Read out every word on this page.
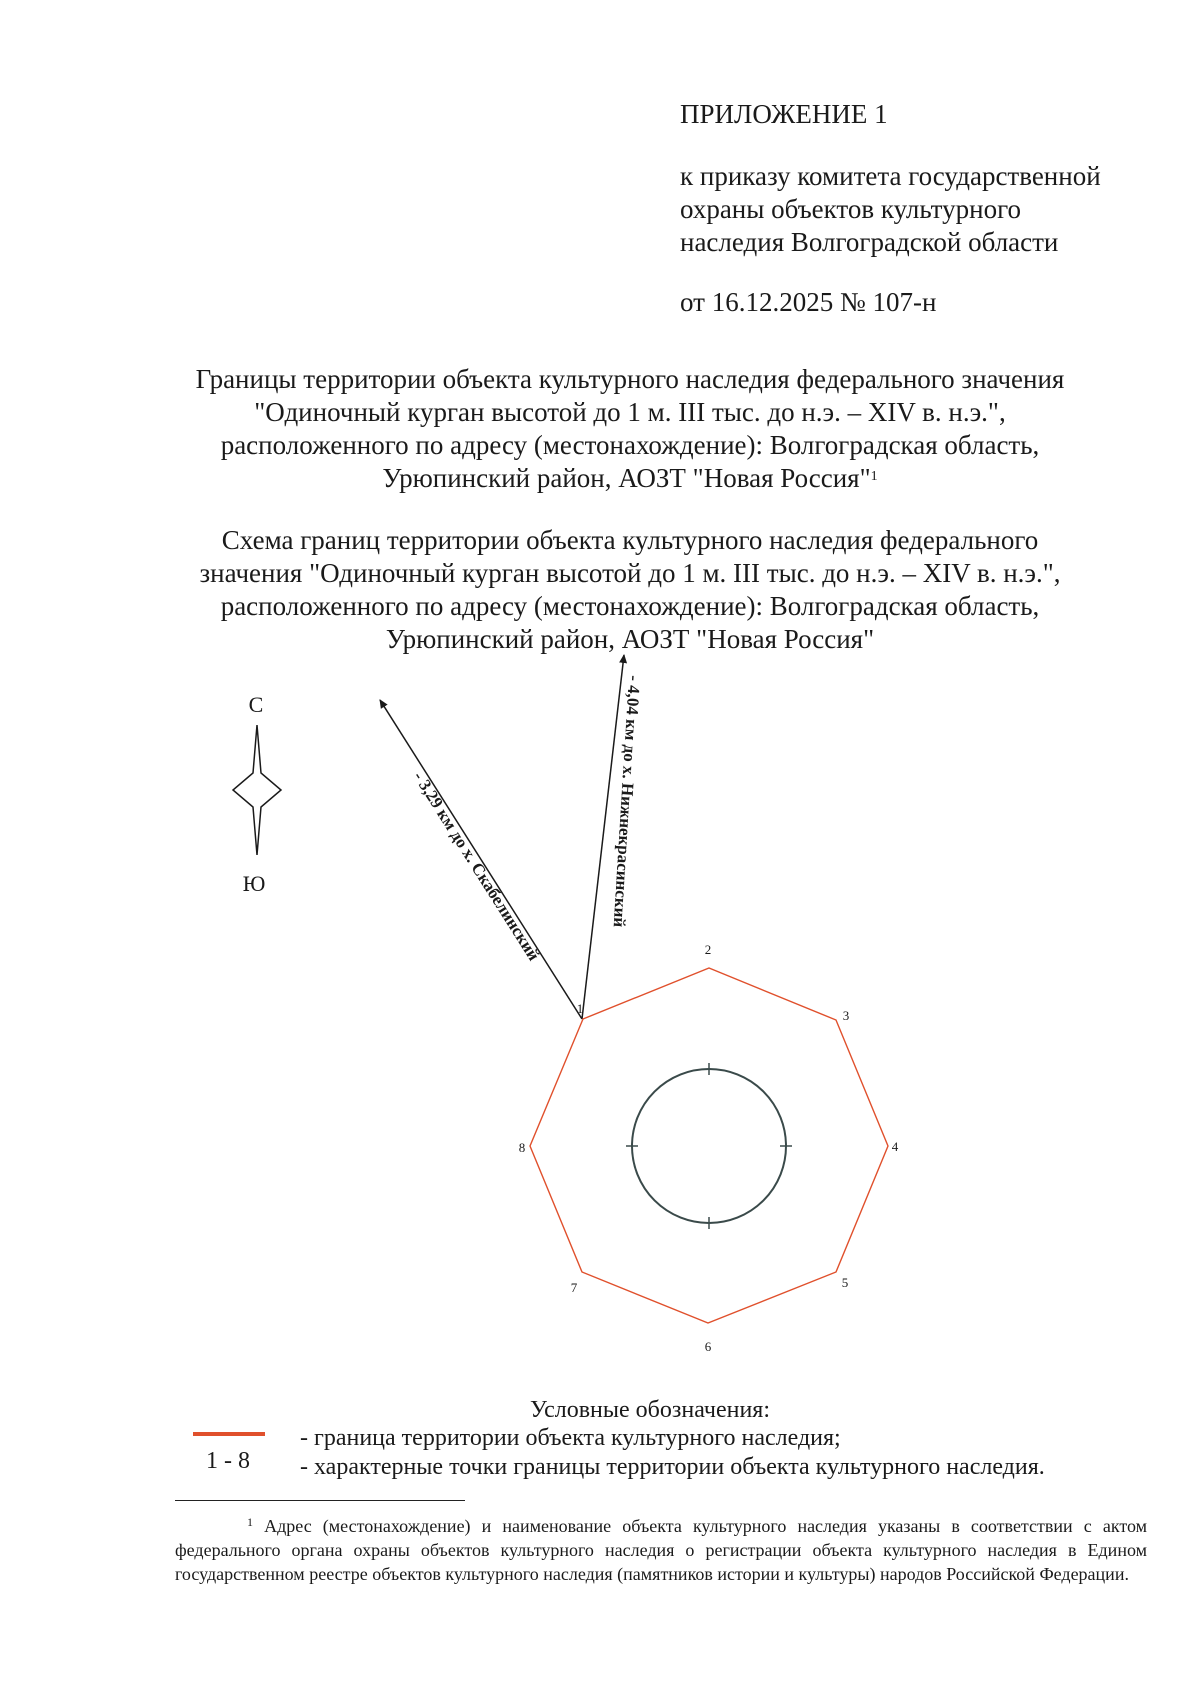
ПРИЛОЖЕНИЕ 1
к приказу комитета государственной
охраны объектов культурного
наследия Волгоградской области
от 16.12.2025 № 107-н
Границы территории объекта культурного наследия федерального значения
"Одиночный курган высотой до 1 м. III тыс. до н.э. – XIV в. н.э.",
расположенного по адресу (местонахождение): Волгоградская область,
Урюпинский район, АОЗТ "Новая Россия"$^1$
Схема границ территории объекта культурного наследия федерального
значения "Одиночный курган высотой до 1 м. III тыс. до н.э. – XIV в. н.э.",
расположенного по адресу (местонахождение): Волгоградская область,
Урюпинский район, АОЗТ "Новая Россия"
С
Ю	- 3,29 км до х. Скабелинский	- 4,04 км до х. Нижнекрасинский
1
2
3
4
5
6
7
8
Условные обозначения:
- граница территории объекта культурного наследия;
1 - 8 - характерные точки границы территории объекта культурного наследия.
$^1$ Адрес (местонахождение) и наименование объекта культурного наследия указаны в соответствии с актом федерального органа охраны объектов культурного наследия о регистрации объекта культурного наследия в Едином государственном реестре объектов культурного наследия (памятников истории и культуры) народов Российской Федерации.
